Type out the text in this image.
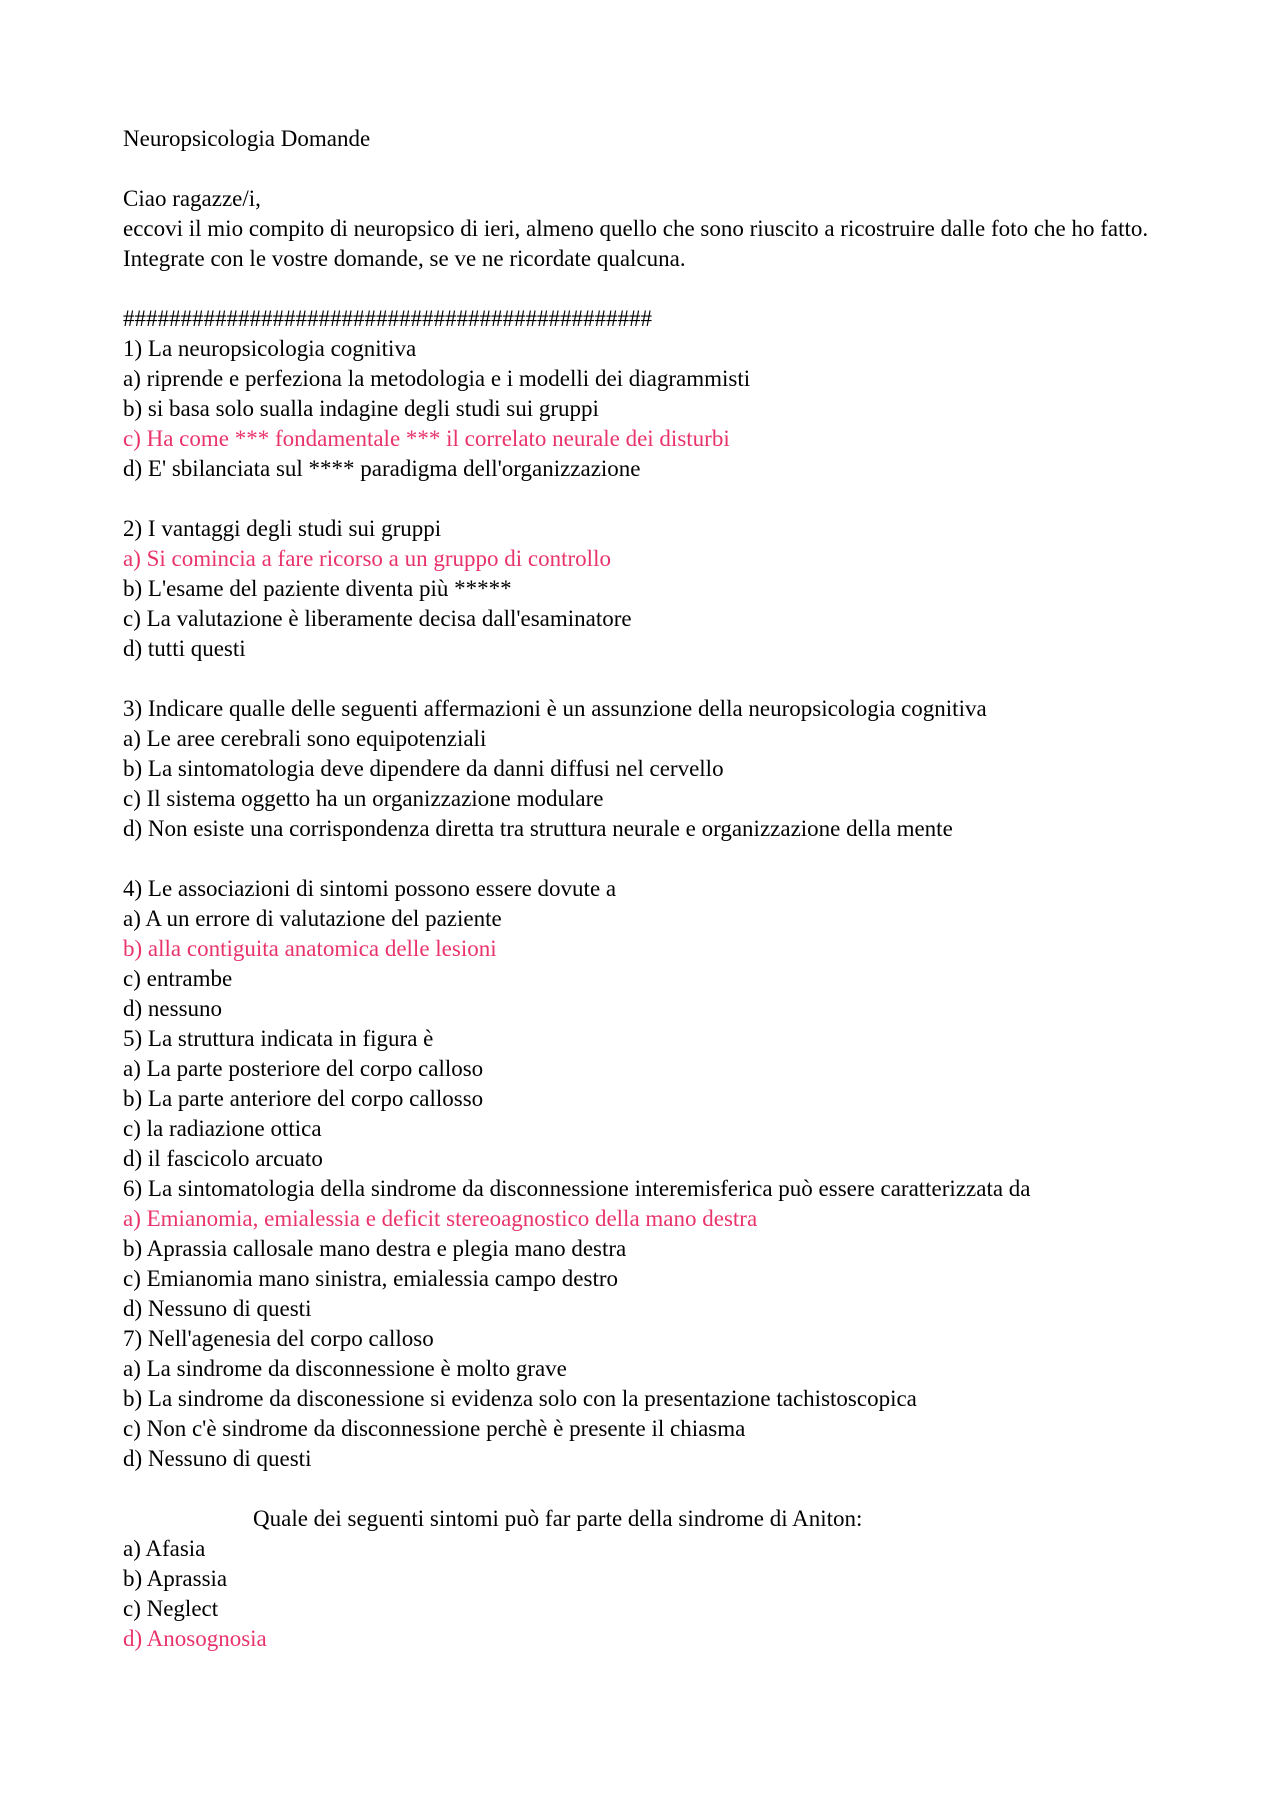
Neuropsicologia Domande
Ciao ragazze/i,
eccovi il mio compito di neuropsico di ieri, almeno quello che sono riuscito a ricostruire dalle foto che ho fatto.
Integrate con le vostre domande, se ve ne ricordate qualcuna.
##############################################
1) La neuropsicologia cognitiva
a) riprende e perfeziona la metodologia e i modelli dei diagrammisti
b) si basa solo sualla indagine degli studi sui gruppi
c) Ha come *** fondamentale *** il correlato neurale dei disturbi
d) E' sbilanciata sul **** paradigma dell'organizzazione
2) I vantaggi degli studi sui gruppi
a) Si comincia a fare ricorso a un gruppo di controllo
b) L'esame del paziente diventa più *****
c) La valutazione è liberamente decisa dall'esaminatore
d) tutti questi
3) Indicare qualle delle seguenti affermazioni è un assunzione della neuropsicologia cognitiva
a) Le aree cerebrali sono equipotenziali
b) La sintomatologia deve dipendere da danni diffusi nel cervello
c) Il sistema oggetto ha un organizzazione modulare
d) Non esiste una corrispondenza diretta tra struttura neurale e organizzazione della mente
4) Le associazioni di sintomi possono essere dovute a
a) A un errore di valutazione del paziente
b) alla contiguita anatomica delle lesioni
c) entrambe
d) nessuno
5) La struttura indicata in figura è
a) La parte posteriore del corpo calloso
b) La parte anteriore del corpo callosso
c) la radiazione ottica
d) il fascicolo arcuato
6) La sintomatologia della sindrome da disconnessione interemisferica può essere caratterizzata da
a) Emianomia, emialessia e deficit stereoagnostico della mano destra
b) Aprassia callosale mano destra e plegia mano destra
c) Emianomia mano sinistra, emialessia campo destro
d) Nessuno di questi
7) Nell'agenesia del corpo calloso
a) La sindrome da disconnessione è molto grave
b) La sindrome da disconessione si evidenza solo con la presentazione tachistoscopica
c) Non c'è sindrome da disconnessione perchè è presente il chiasma
d) Nessuno di questi
Quale dei seguenti sintomi può far parte della sindrome di Aniton:
a) Afasia
b) Aprassia
c) Neglect
d) Anosognosia
